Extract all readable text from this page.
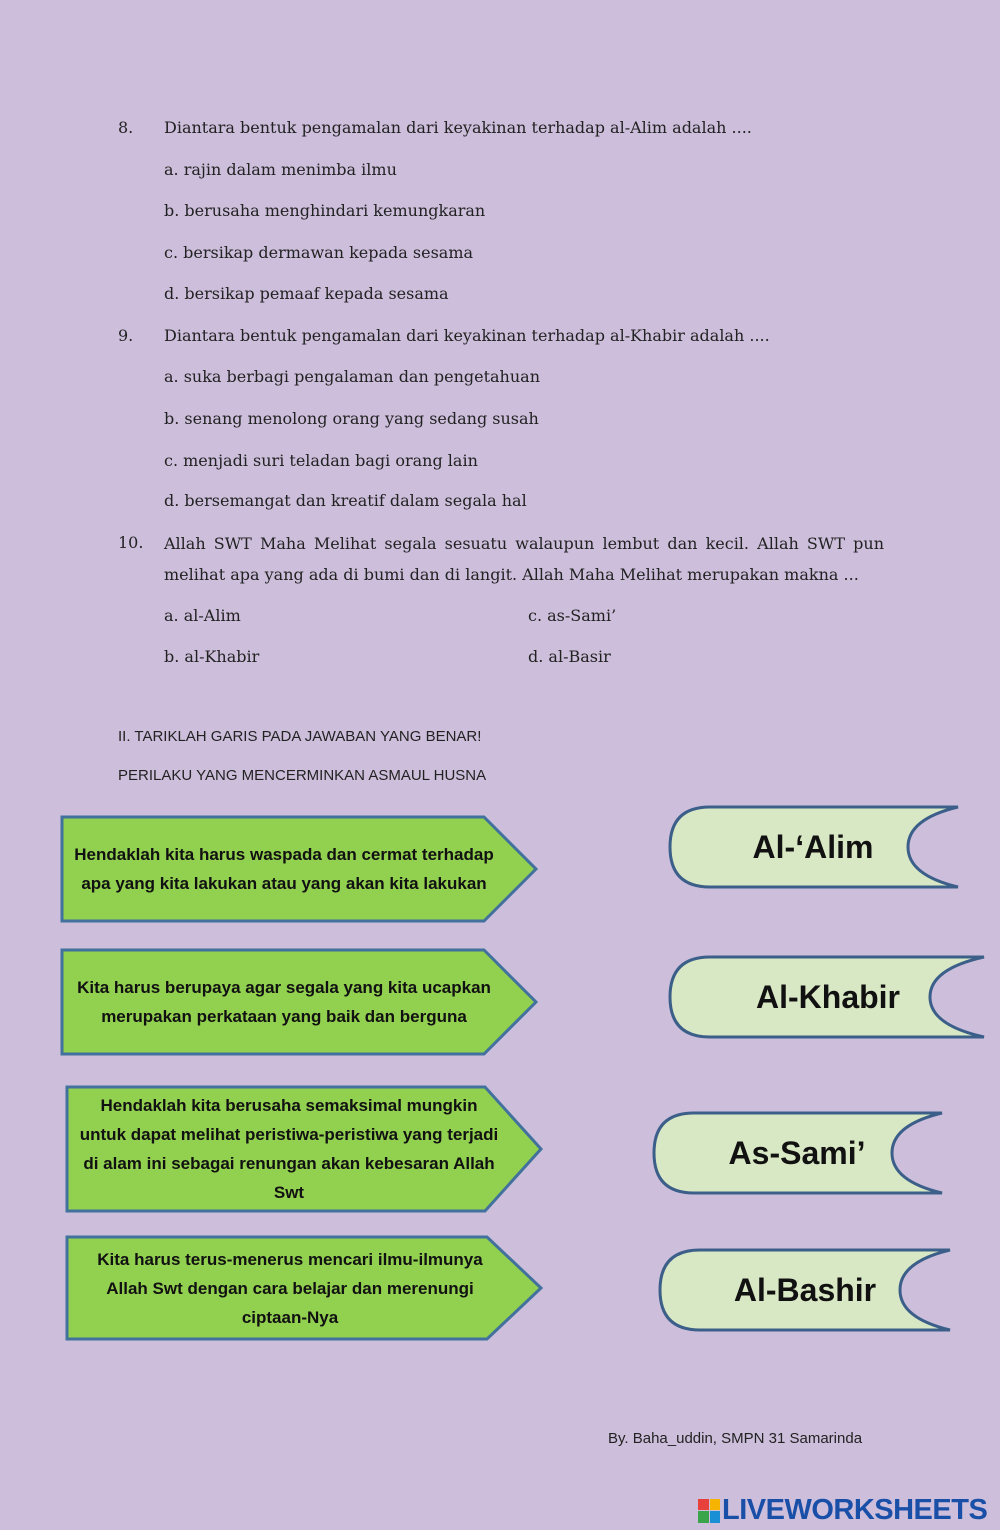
8. Diantara bentuk pengamalan dari keyakinan terhadap al-Alim adalah ....
a. rajin dalam menimba ilmu
b. berusaha menghindari kemungkaran
c. bersikap dermawan kepada sesama
d. bersikap pemaaf kepada sesama
9. Diantara bentuk pengamalan dari keyakinan terhadap al-Khabir adalah ....
a. suka berbagi pengalaman dan pengetahuan
b. senang menolong orang yang sedang susah
c. menjadi suri teladan bagi orang lain
d. bersemangat dan kreatif dalam segala hal
10. Allah SWT Maha Melihat segala sesuatu walaupun lembut dan kecil. Allah SWT pun melihat apa yang ada di bumi dan di langit. Allah Maha Melihat merupakan makna ...
a. al-Alim	c. as-Sami’
b. al-Khabir	d. al-Basir
II. TARIKLAH GARIS PADA JAWABAN YANG BENAR!
PERILAKU YANG MENCERMINKAN ASMAUL HUSNA
Hendaklah kita harus waspada dan cermat terhadap apa yang kita lakukan atau yang akan kita lakukan
Kita harus berupaya agar segala yang kita ucapkan merupakan perkataan yang baik dan berguna
Hendaklah kita berusaha semaksimal mungkin untuk dapat melihat peristiwa-peristiwa yang terjadi di alam ini sebagai renungan akan kebesaran Allah Swt
Kita harus terus-menerus mencari ilmu-ilmunya Allah Swt dengan cara belajar dan merenungi ciptaan-Nya
Al-‘Alim
Al-Khabir
As-Sami’
Al-Bashir
By. Baha_uddin, SMPN 31 Samarinda
LIVEWORKSHEETS
